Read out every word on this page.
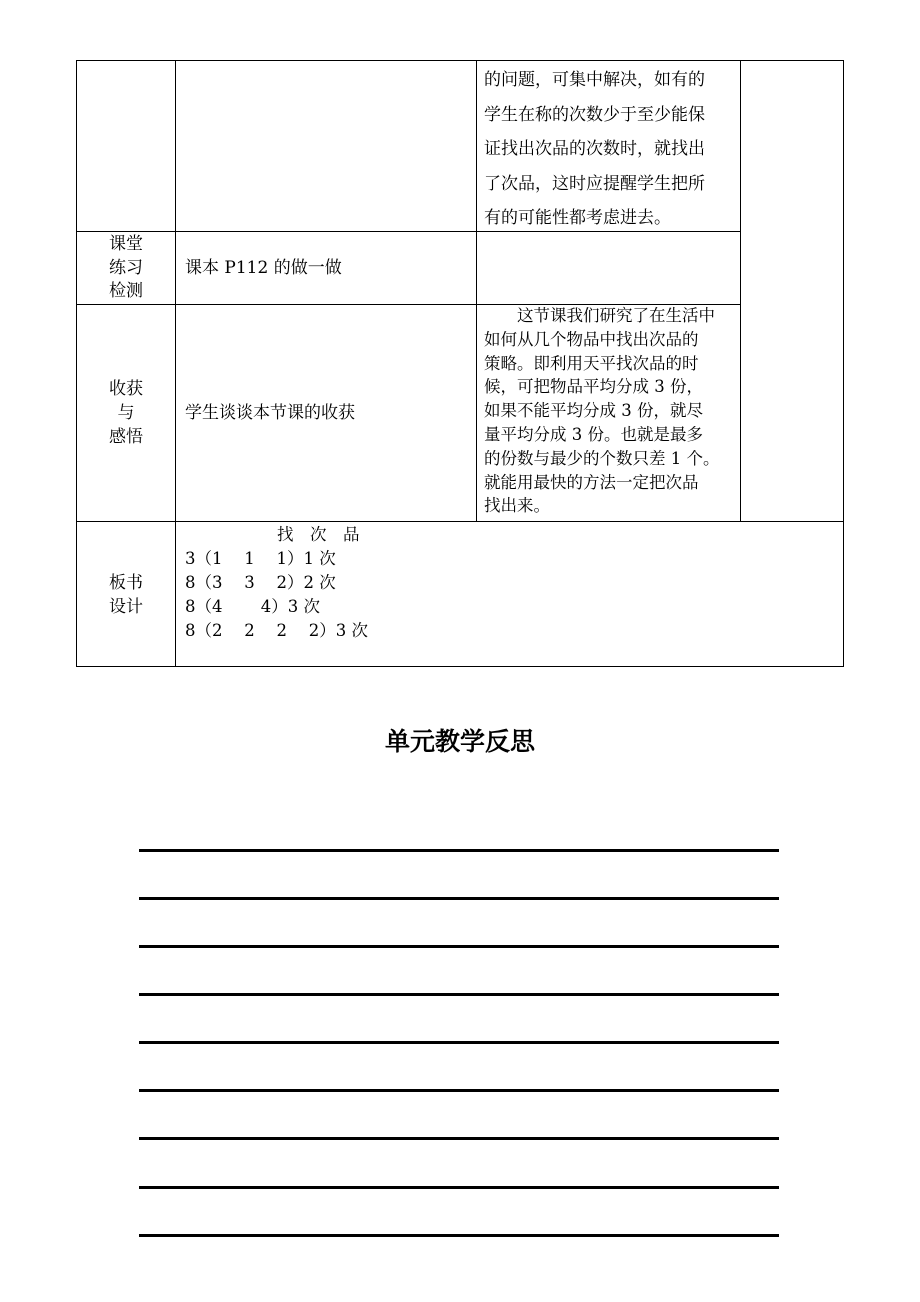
的问题，可集中解决，如有的
学生在称的次数少于至少能保
证找出次品的次数时，就找出
了次品，这时应提醒学生把所
有的可能性都考虑进去。
课堂
练习
检测
课本 P112 的做一做
收获
与
感悟
学生谈谈本节课的收获
这节课我们研究了在生活中
如何从几个物品中找出次品的
策略。即利用天平找次品的时
候，可把物品平均分成 3 份，
如果不能平均分成 3 份，就尽
量平均分成 3 份。也就是最多
的份数与最少的个数只差 1 个。
就能用最快的方法一定把次品
找出来。
板书
设计
找　次　品
3（1　 1　 1）1 次
8（3　 3　 2）2 次
8（4　　 4）3 次
8（2　 2　 2　 2）3 次
单元教学反思
